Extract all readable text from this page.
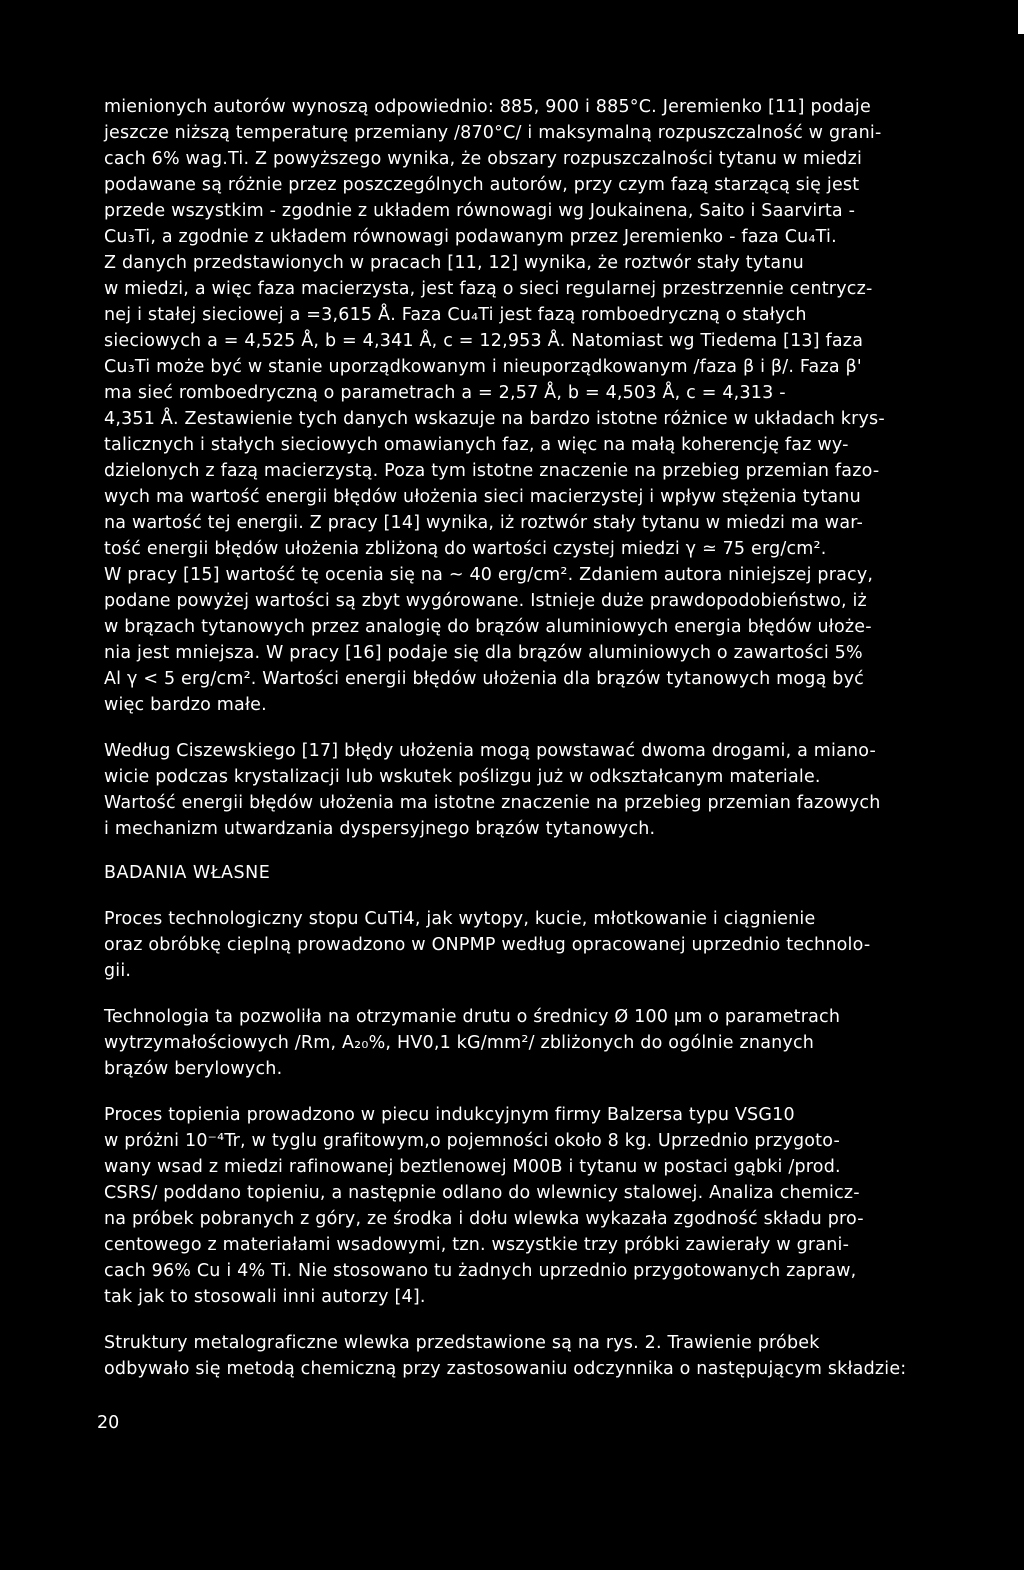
mienionych autorów wynoszą odpowiednio: 885, 900 i 885°C. Jeremienko [11] podaje
jeszcze niższą temperaturę przemiany /870°C/ i maksymalną rozpuszczalność w grani-
cach 6% wag.Ti. Z powyższego wynika, że obszary rozpuszczalności tytanu w miedzi
podawane są różnie przez poszczególnych autorów, przy czym fazą starzącą się jest
przede wszystkim - zgodnie z układem równowagi wg Joukainena, Saito i Saarvirta -
Cu₃Ti, a zgodnie z układem równowagi podawanym przez Jeremienko - faza Cu₄Ti.
Z danych przedstawionych w pracach [11, 12] wynika, że roztwór stały tytanu
w miedzi, a więc faza macierzysta, jest fazą o sieci regularnej przestrzennie centrycz-
nej i stałej sieciowej a =3,615 Å. Faza Cu₄Ti jest fazą romboedryczną o stałych
sieciowych a = 4,525 Å, b = 4,341 Å, c = 12,953 Å. Natomiast wg Tiedema [13] faza
Cu₃Ti może być w stanie uporządkowanym i nieuporządkowanym /faza β i β/. Faza β'
ma sieć romboedryczną o parametrach a = 2,57 Å, b = 4,503 Å, c = 4,313 -
4,351 Å. Zestawienie tych danych wskazuje na bardzo istotne różnice w układach krys-
talicznych i stałych sieciowych omawianych faz, a więc na małą koherencję faz wy-
dzielonych z fazą macierzystą. Poza tym istotne znaczenie na przebieg przemian fazo-
wych ma wartość energii błędów ułożenia sieci macierzystej i wpływ stężenia tytanu
na wartość tej energii. Z pracy [14] wynika, iż roztwór stały tytanu w miedzi ma war-
tość energii błędów ułożenia zbliżoną do wartości czystej miedzi γ ≃ 75 erg/cm².
W pracy [15] wartość tę ocenia się na ~ 40 erg/cm². Zdaniem autora niniejszej pracy,
podane powyżej wartości są zbyt wygórowane. Istnieje duże prawdopodobieństwo, iż
w brązach tytanowych przez analogię do brązów aluminiowych energia błędów ułoże-
nia jest mniejsza. W pracy [16] podaje się dla brązów aluminiowych o zawartości 5%
Al γ < 5 erg/cm². Wartości energii błędów ułożenia dla brązów tytanowych mogą być
więc bardzo małe.
Według Ciszewskiego [17] błędy ułożenia mogą powstawać dwoma drogami, a miano-
wicie podczas krystalizacji lub wskutek poślizgu już w odkształcanym materiale.
Wartość energii błędów ułożenia ma istotne znaczenie na przebieg przemian fazowych
i mechanizm utwardzania dyspersyjnego brązów tytanowych.
BADANIA WŁASNE
Proces technologiczny stopu CuTi4, jak wytopy, kucie, młotkowanie i ciągnienie
oraz obróbkę cieplną prowadzono w ONPMP według opracowanej uprzednio technolo-
gii.
Technologia ta pozwoliła na otrzymanie drutu o średnicy Ø 100 μm o parametrach
wytrzymałościowych /Rm, A₂₀%, HV0,1 kG/mm²/ zbliżonych do ogólnie znanych
brązów berylowych.
Proces topienia prowadzono w piecu indukcyjnym firmy Balzersa typu VSG10
w próżni 10⁻⁴Tr, w tyglu grafitowym,o pojemności około 8 kg. Uprzednio przygoto-
wany wsad z miedzi rafinowanej beztlenowej M00B i tytanu w postaci gąbki /prod.
CSRS/ poddano topieniu, a następnie odlano do wlewnicy stalowej. Analiza chemicz-
na próbek pobranych z góry, ze środka i dołu wlewka wykazała zgodność składu pro-
centowego z materiałami wsadowymi, tzn. wszystkie trzy próbki zawierały w grani-
cach 96% Cu i 4% Ti. Nie stosowano tu żadnych uprzednio przygotowanych zapraw,
tak jak to stosowali inni autorzy [4].
Struktury metalograficzne wlewka przedstawione są na rys. 2. Trawienie próbek
odbywało się metodą chemiczną przy zastosowaniu odczynnika o następującym składzie:
20
